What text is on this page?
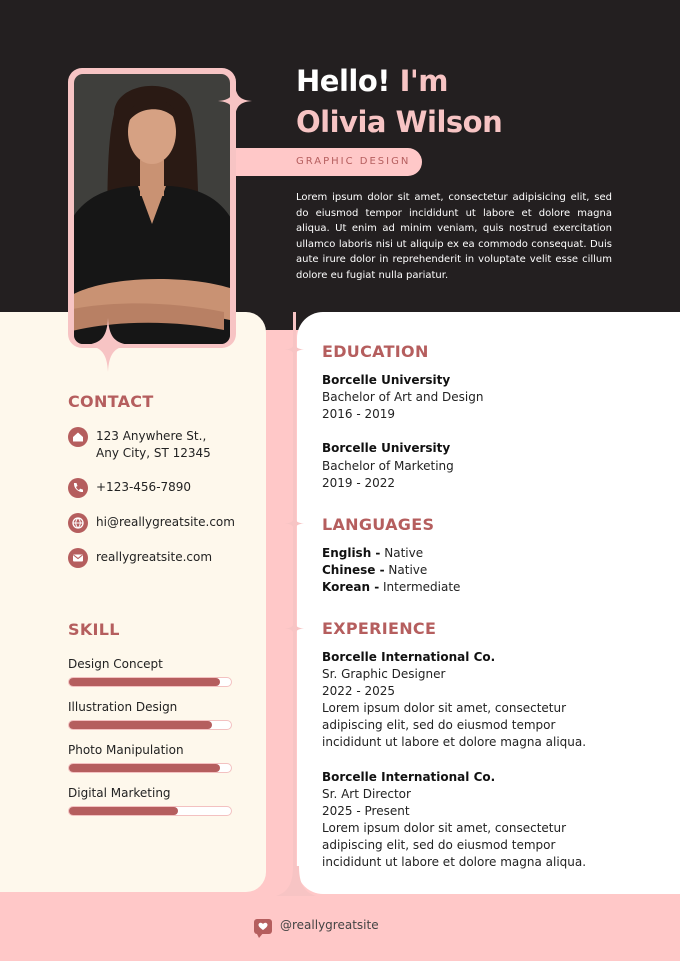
Hello! I'm
Olivia Wilson
GRAPHIC DESIGN
Lorem ipsum dolor sit amet, consectetur adipisicing elit, sed do eiusmod tempor incididunt ut labore et dolore magna aliqua. Ut enim ad minim veniam, quis nostrud exercitation ullamco laboris nisi ut aliquip ex ea commodo consequat. Duis aute irure dolor in reprehenderit in voluptate velit esse cillum dolore eu fugiat nulla pariatur.
CONTACT
123 Anywhere St.,
Any City, ST 12345
+123-456-7890
hi@reallygreatsite.com
reallygreatsite.com
SKILL
Design Concept
Illustration Design
Photo Manipulation
Digital Marketing
EDUCATION
Borcelle University
Bachelor of Art and Design
2016 - 2019
Borcelle University
Bachelor of Marketing
2019 - 2022
LANGUAGES
English - Native
Chinese - Native
Korean - Intermediate
EXPERIENCE
Borcelle International Co.
Sr. Graphic Designer
2022 - 2025
Lorem ipsum dolor sit amet, consectetur adipiscing elit, sed do eiusmod tempor incididunt ut labore et dolore magna aliqua.
Borcelle International Co.
Sr. Art Director
2025 - Present
Lorem ipsum dolor sit amet, consectetur adipiscing elit, sed do eiusmod tempor incididunt ut labore et dolore magna aliqua.
@reallygreatsite
